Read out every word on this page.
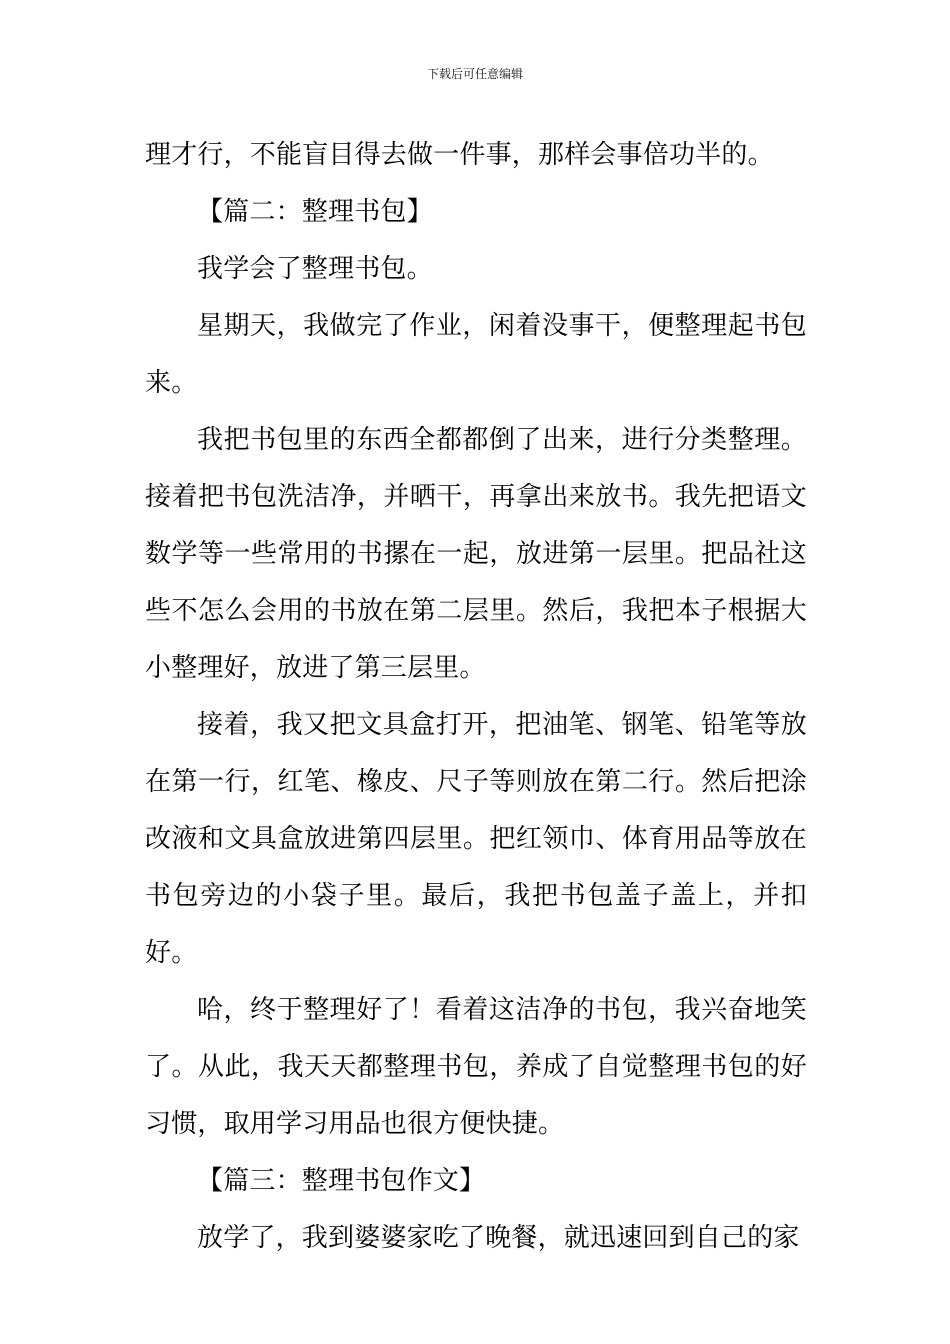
下载后可任意编辑

理才行，不能盲目得去做一件事，那样会事倍功半的。

【篇二：整理书包】

我学会了整理书包。

星期天，我做完了作业，闲着没事干，便整理起书包来。

我把书包里的东西全都都倒了出来，进行分类整理。接着把书包洗洁净，并晒干，再拿出来放书。我先把语文数学等一些常用的书摞在一起，放进第一层里。把品社这些不怎么会用的书放在第二层里。然后，我把本子根据大小整理好，放进了第三层里。

接着，我又把文具盒打开，把油笔、钢笔、铅笔等放在第一行，红笔、橡皮、尺子等则放在第二行。然后把涂改液和文具盒放进第四层里。把红领巾、体育用品等放在书包旁边的小袋子里。最后，我把书包盖子盖上，并扣好。

哈，终于整理好了！看着这洁净的书包，我兴奋地笑了。从此，我天天都整理书包，养成了自觉整理书包的好习惯，取用学习用品也很方便快捷。

【篇三：整理书包作文】

放学了，我到婆婆家吃了晚餐，就迅速回到自己的家
